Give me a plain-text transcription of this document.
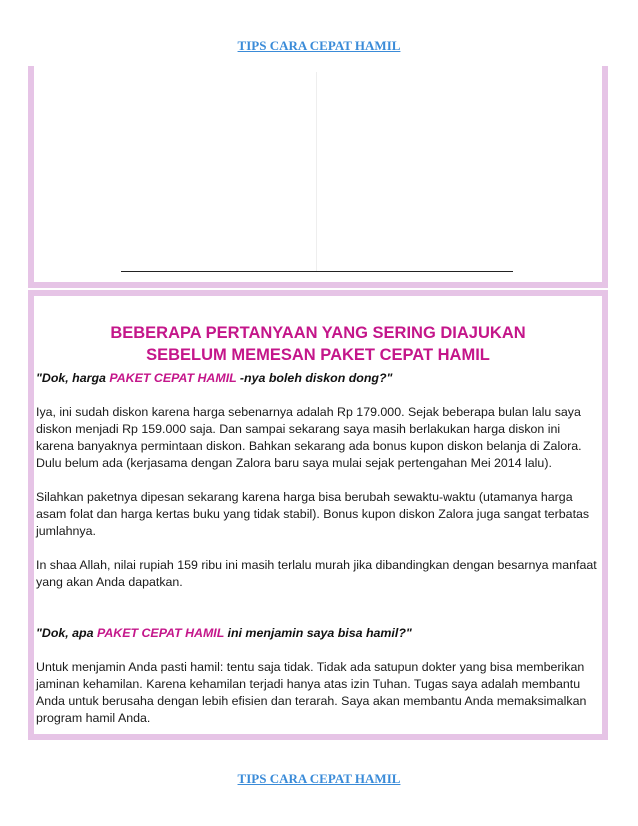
TIPS CARA CEPAT HAMIL
BEBERAPA PERTANYAAN YANG SERING DIAJUKAN
SEBELUM MEMESAN PAKET CEPAT HAMIL
"Dok, harga PAKET CEPAT HAMIL -nya boleh diskon dong?"
Iya, ini sudah diskon karena harga sebenarnya adalah Rp 179.000. Sejak beberapa bulan lalu saya diskon menjadi Rp 159.000 saja. Dan sampai sekarang saya masih berlakukan harga diskon ini karena banyaknya permintaan diskon. Bahkan sekarang ada bonus kupon diskon belanja di Zalora. Dulu belum ada (kerjasama dengan Zalora baru saya mulai sejak pertengahan Mei 2014 lalu).
Silahkan paketnya dipesan sekarang karena harga bisa berubah sewaktu-waktu (utamanya harga asam folat dan harga kertas buku yang tidak stabil). Bonus kupon diskon Zalora juga sangat terbatas jumlahnya.
In shaa Allah, nilai rupiah 159 ribu ini masih terlalu murah jika dibandingkan dengan besarnya manfaat yang akan Anda dapatkan.
"Dok, apa PAKET CEPAT HAMIL ini menjamin saya bisa hamil?"
Untuk menjamin Anda pasti hamil: tentu saja tidak. Tidak ada satupun dokter yang bisa memberikan jaminan kehamilan. Karena kehamilan terjadi hanya atas izin Tuhan. Tugas saya adalah membantu Anda untuk berusaha dengan lebih efisien dan terarah. Saya akan membantu Anda memaksimalkan program hamil Anda.
TIPS CARA CEPAT HAMIL
